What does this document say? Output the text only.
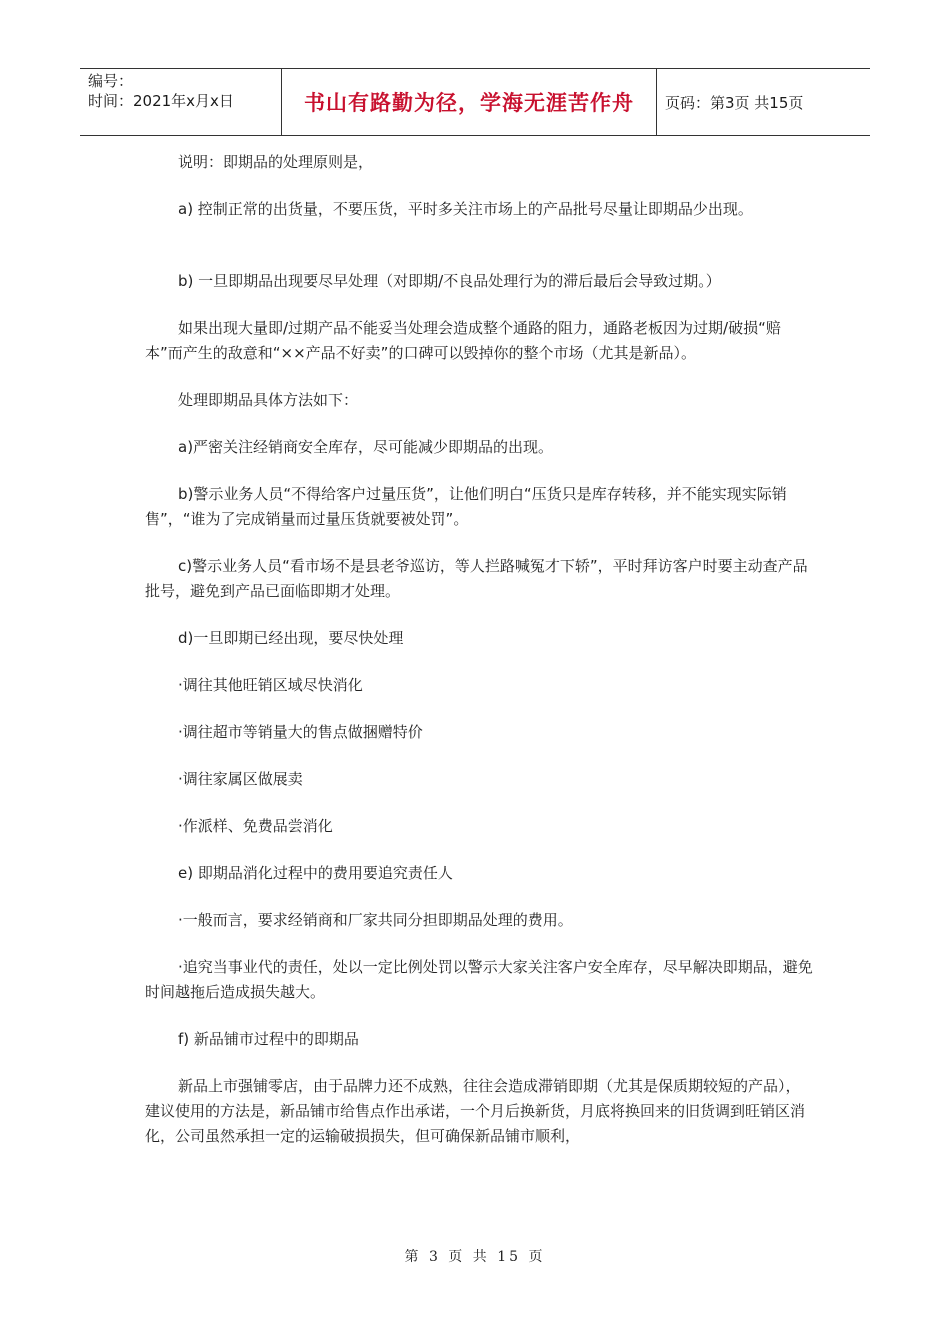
编号：
时间：2021年x月x日	书山有路勤为径，学海无涯苦作舟	页码：第3页 共15页

说明：即期品的处理原则是，

a) 控制正常的出货量，不要压货，平时多关注市场上的产品批号尽量让即期品少出现。

b) 一旦即期品出现要尽早处理（对即期/不良品处理行为的滞后最后会导致过期。）

如果出现大量即/过期产品不能妥当处理会造成整个通路的阻力，通路老板因为过期/破损“赔本”而产生的敌意和“××产品不好卖”的口碑可以毁掉你的整个市场（尤其是新品）。

处理即期品具体方法如下：

a)严密关注经销商安全库存，尽可能减少即期品的出现。

b)警示业务人员“不得给客户过量压货”，让他们明白“压货只是库存转移，并不能实现实际销售”，“谁为了完成销量而过量压货就要被处罚”。

c)警示业务人员“看市场不是县老爷巡访，等人拦路喊冤才下轿”，平时拜访客户时要主动查产品批号，避免到产品已面临即期才处理。

d)一旦即期已经出现，要尽快处理

·调往其他旺销区域尽快消化

·调往超市等销量大的售点做捆赠特价

·调往家属区做展卖

·作派样、免费品尝消化

e) 即期品消化过程中的费用要追究责任人

·一般而言，要求经销商和厂家共同分担即期品处理的费用。

·追究当事业代的责任，处以一定比例处罚以警示大家关注客户安全库存，尽早解决即期品，避免时间越拖后造成损失越大。

f) 新品铺市过程中的即期品

新品上市强铺零店，由于品牌力还不成熟，往往会造成滞销即期（尤其是保质期较短的产品），建议使用的方法是，新品铺市给售点作出承诺，一个月后换新货，月底将换回来的旧货调到旺销区消化，公司虽然承担一定的运输破损损失，但可确保新品铺市顺利，

第 3 页 共 15 页
